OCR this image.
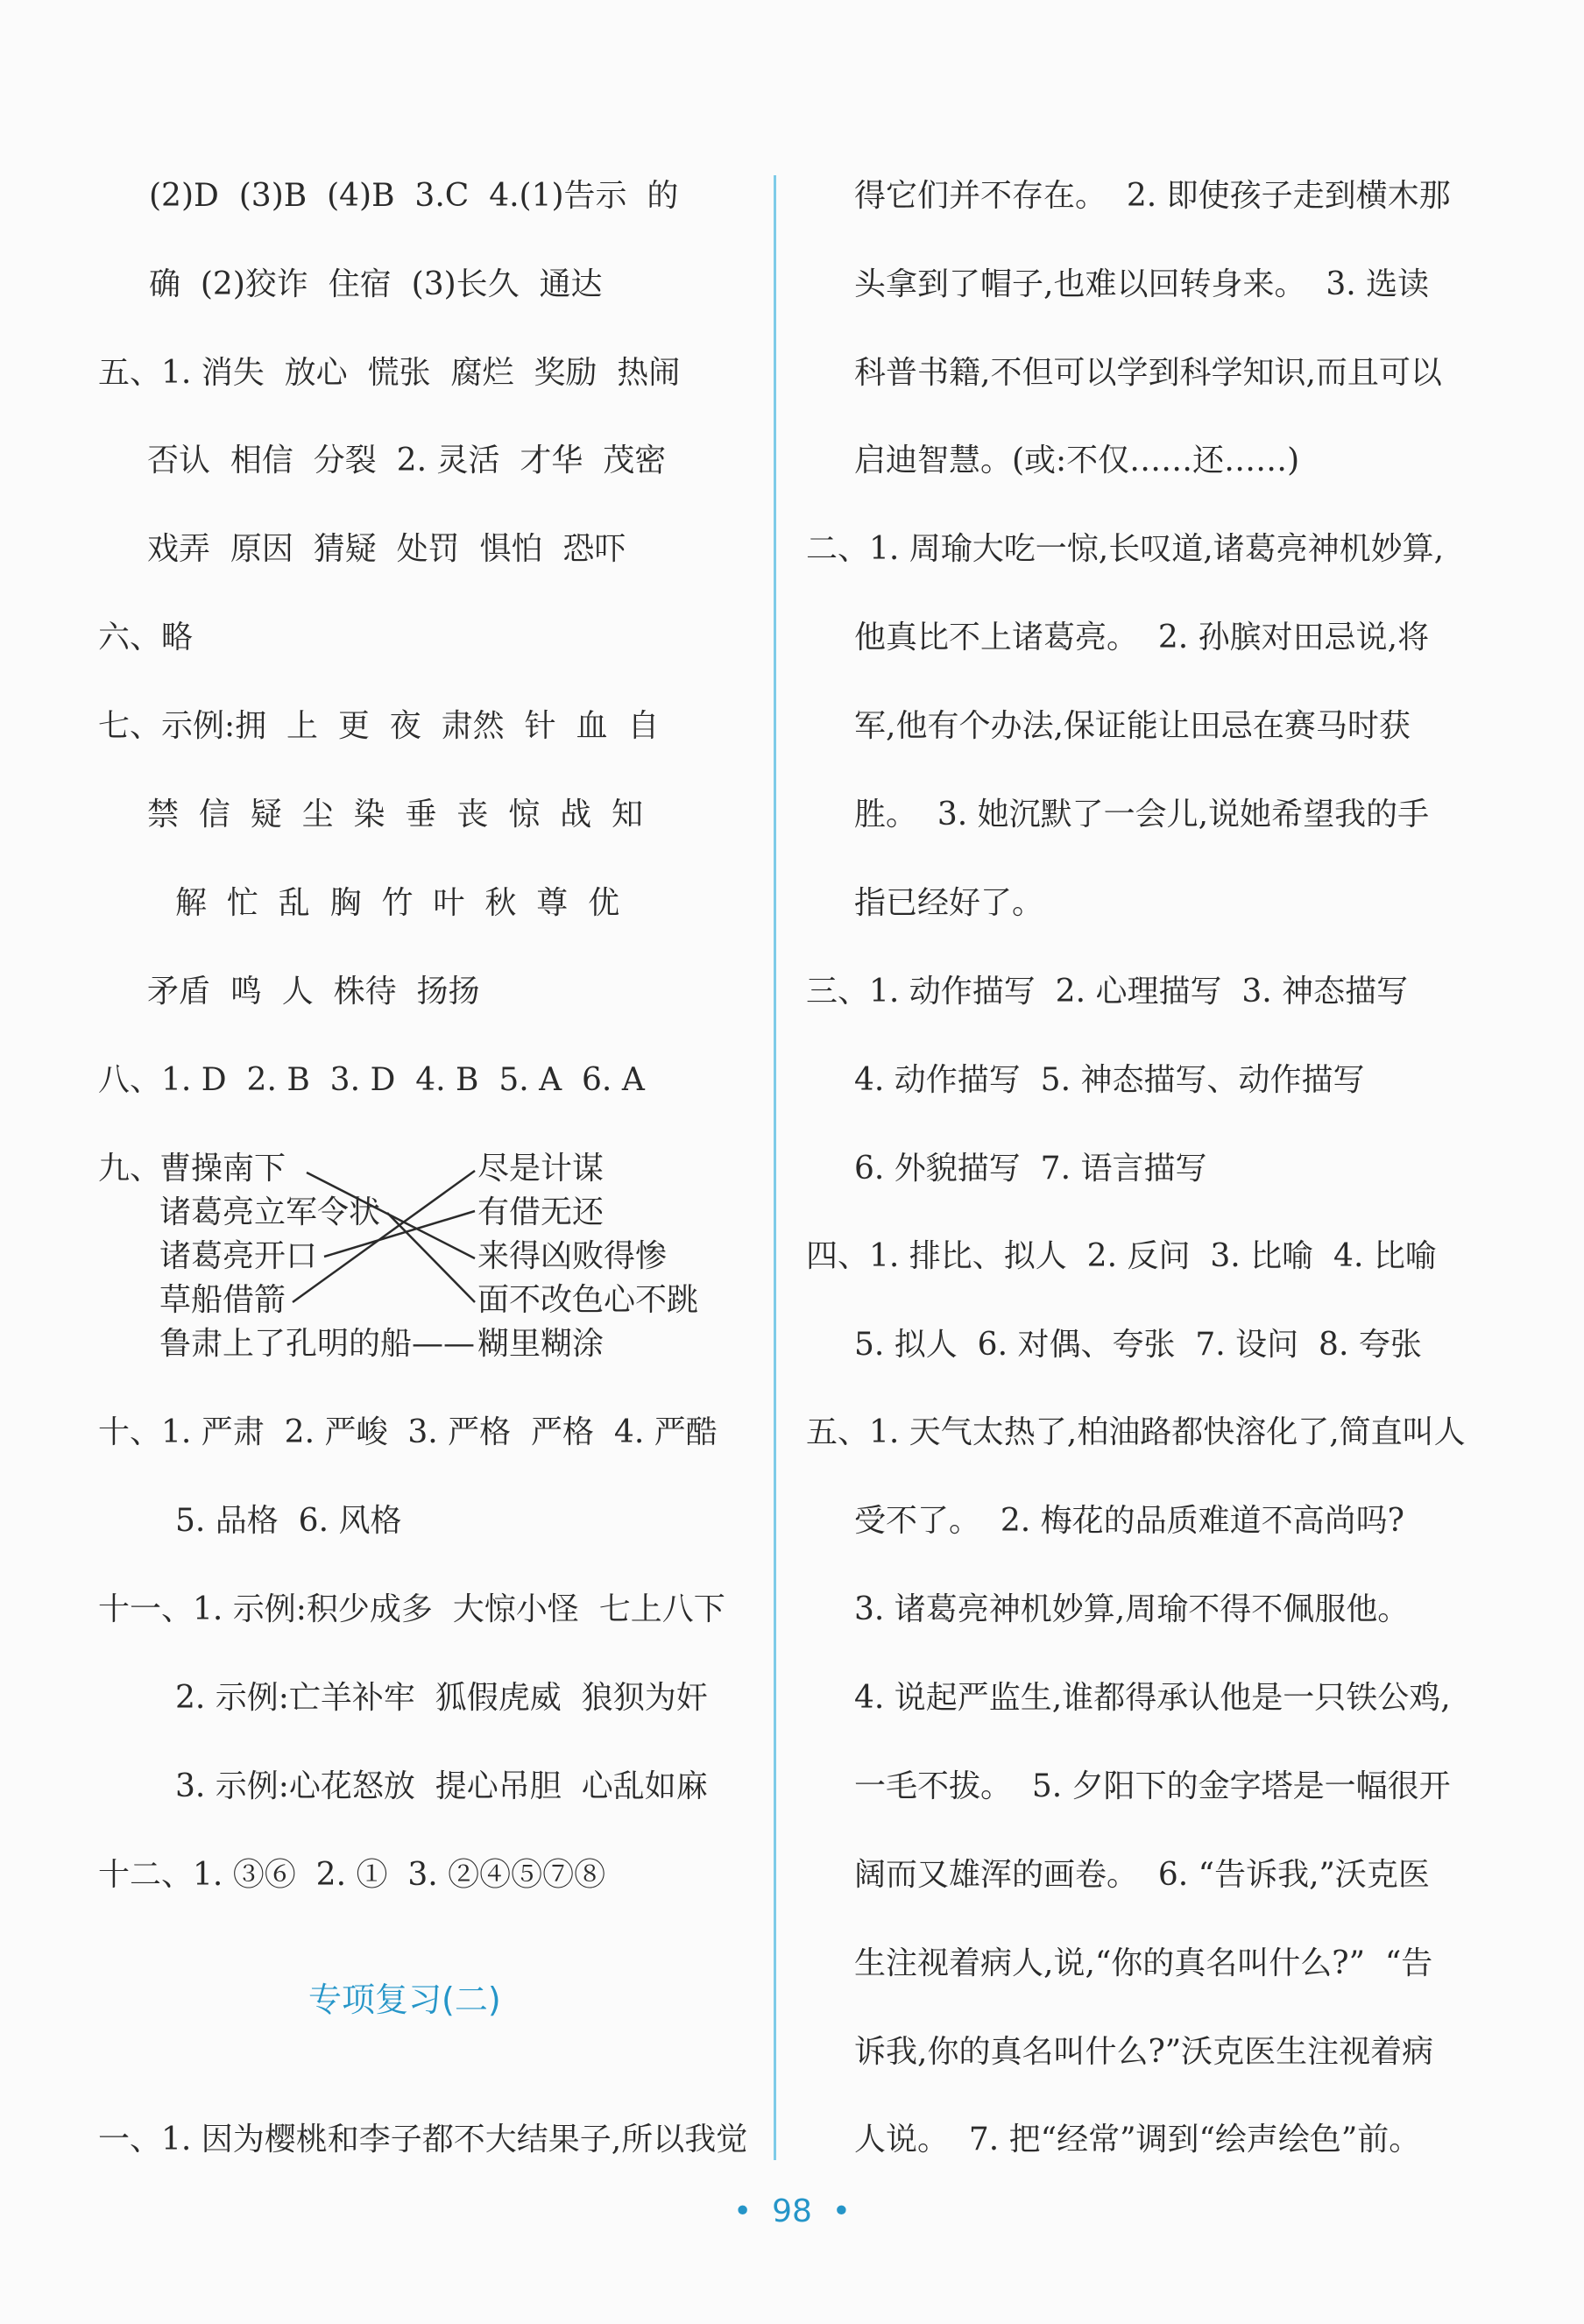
(2)D  (3)B  (4)B  3.C  4.(1)告示  的

确  (2)狡诈  住宿  (3)长久  通达

五、1. 消失  放心  慌张  腐烂  奖励  热闹

否认  相信  分裂  2. 灵活  才华  茂密

戏弄  原因  猜疑  处罚  惧怕  恐吓

六、略

七、示例:拥  上  更  夜  肃然  针  血  自

禁  信  疑  尘  染  垂  丧  惊  战  知

解  忙  乱  胸  竹  叶  秋  尊  优

矛盾  鸣  人  株待  扬扬

八、1. D  2. B  3. D  4. B  5. A  6. A

九、

曹操南下

诸葛亮立军令状

诸葛亮开口

草船借箭

鲁肃上了孔明的船——

尽是计谋

有借无还

来得凶败得惨

面不改色心不跳

糊里糊涂

十、1. 严肃  2. 严峻  3. 严格  严格  4. 严酷

5. 品格  6. 风格

十一、1. 示例:积少成多  大惊小怪  七上八下

2. 示例:亡羊补牢  狐假虎威  狼狈为奸

3. 示例:心花怒放  提心吊胆  心乱如麻

十二、1. ③⑥  2. ①  3. ②④⑤⑦⑧

专项复习(二)

一、1. 因为樱桃和李子都不大结果子,所以我觉

得它们并不存在。  2. 即使孩子走到横木那

头拿到了帽子,也难以回转身来。  3. 选读

科普书籍,不但可以学到科学知识,而且可以

启迪智慧。(或:不仅……还……)

二、1. 周瑜大吃一惊,长叹道,诸葛亮神机妙算,

他真比不上诸葛亮。  2. 孙膑对田忌说,将

军,他有个办法,保证能让田忌在赛马时获

胜。  3. 她沉默了一会儿,说她希望我的手

指已经好了。

三、1. 动作描写  2. 心理描写  3. 神态描写

4. 动作描写  5. 神态描写、动作描写

6. 外貌描写  7. 语言描写

四、1. 排比、拟人  2. 反问  3. 比喻  4. 比喻

5. 拟人  6. 对偶、夸张  7. 设问  8. 夸张

五、1. 天气太热了,柏油路都快溶化了,简直叫人

受不了。  2. 梅花的品质难道不高尚吗?

3. 诸葛亮神机妙算,周瑜不得不佩服他。

4. 说起严监生,谁都得承认他是一只铁公鸡,

一毛不拔。  5. 夕阳下的金字塔是一幅很开

阔而又雄浑的画卷。  6. “告诉我,”沃克医

生注视着病人,说,“你的真名叫什么?”  “告

诉我,你的真名叫什么?”沃克医生注视着病

人说。  7. 把“经常”调到“绘声绘色”前。

•  98  •
